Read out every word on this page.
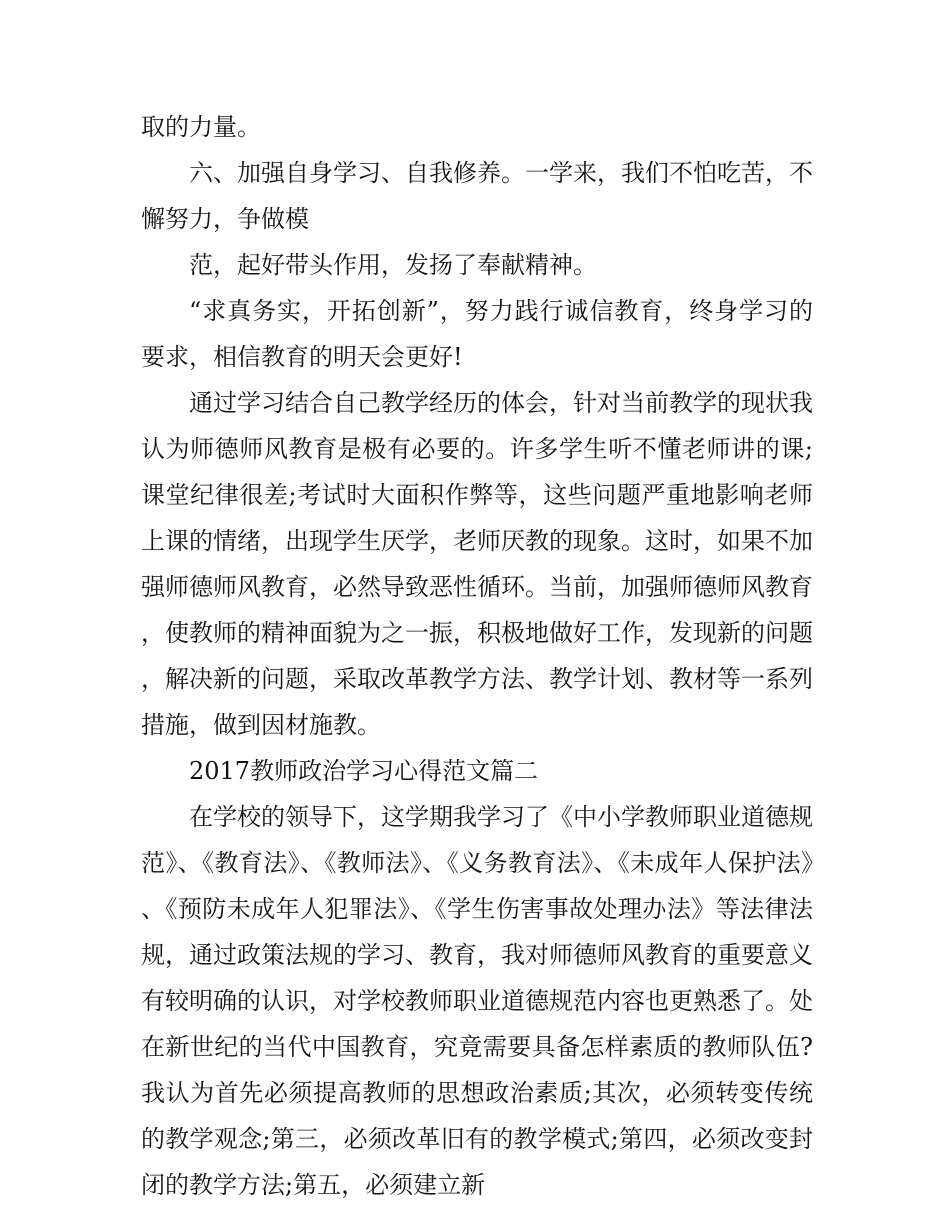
取的力量。

六、加强自身学习、自我修养。一学来，我们不怕吃苦，不懈努力，争做模

范，起好带头作用，发扬了奉献精神。

“求真务实，开拓创新”，努力践行诚信教育，终身学习的要求，相信教育的明天会更好!

通过学习结合自己教学经历的体会，针对当前教学的现状我认为师德师风教育是极有必要的。许多学生听不懂老师讲的课;课堂纪律很差;考试时大面积作弊等，这些问题严重地影响老师上课的情绪，出现学生厌学，老师厌教的现象。这时，如果不加强师德师风教育，必然导致恶性循环。当前，加强师德师风教育，使教师的精神面貌为之一振，积极地做好工作，发现新的问题，解决新的问题，采取改革教学方法、教学计划、教材等一系列措施，做到因材施教。

2017教师政治学习心得范文篇二

在学校的领导下，这学期我学习了《中小学教师职业道德规范》、《教育法》、《教师法》、《义务教育法》、《未成年人保护法》、《预防未成年人犯罪法》、《学生伤害事故处理办法》等法律法规，通过政策法规的学习、教育，我对师德师风教育的重要意义有较明确的认识，对学校教师职业道德规范内容也更熟悉了。处在新世纪的当代中国教育，究竟需要具备怎样素质的教师队伍?我认为首先必须提高教师的思想政治素质;其次，必须转变传统的教学观念;第三，必须改革旧有的教学模式;第四，必须改变封闭的教学方法;第五，必须建立新
